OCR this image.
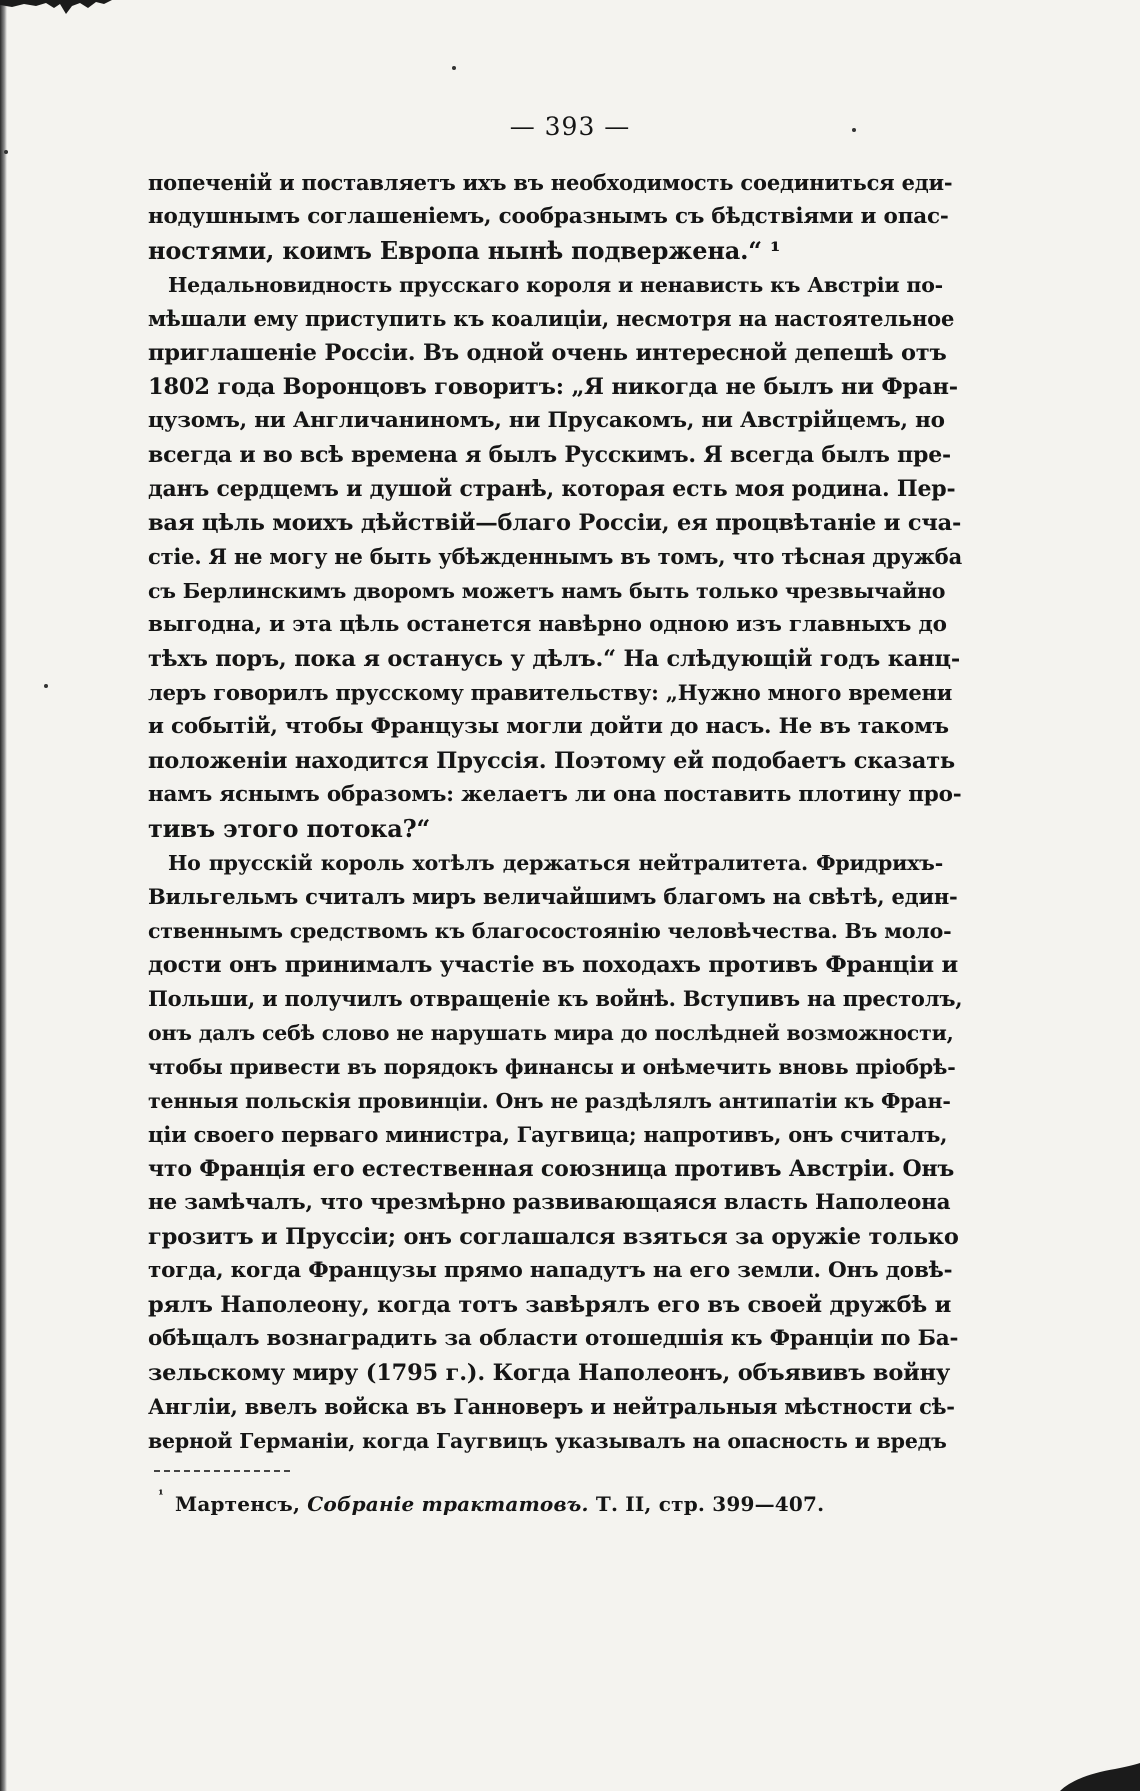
— 393 —
попеченій и поставляетъ ихъ въ необходимость соединиться еди-
нодушнымъ соглашеніемъ, сообразнымъ съ бѣдствіями и опас-
ностями, коимъ Европа нынѣ подвержена.“ ¹
Недальновидность прусскаго короля и ненависть къ Австріи по-
мѣшали ему приступить къ коалиціи, несмотря на настоятельное
приглашеніе Россіи. Въ одной очень интересной депешѣ отъ
1802 года Воронцовъ говоритъ: „Я никогда не былъ ни Фран-
цузомъ, ни Англичаниномъ, ни Прусакомъ, ни Австрійцемъ, но
всегда и во всѣ времена я былъ Русскимъ. Я всегда былъ пре-
данъ сердцемъ и душой странѣ, которая есть моя родина. Пер-
вая цѣль моихъ дѣйствій—благо Россіи, ея процвѣтаніе и сча-
стіе. Я не могу не быть убѣжденнымъ въ томъ, что тѣсная дружба
съ Берлинскимъ дворомъ можетъ намъ быть только чрезвычайно
выгодна, и эта цѣль останется навѣрно одною изъ главныхъ до
тѣхъ поръ, пока я останусь у дѣлъ.“ На слѣдующій годъ канц-
леръ говорилъ прусскому правительству: „Нужно много времени
и событій, чтобы Французы могли дойти до насъ. Не въ такомъ
положеніи находится Пруссія. Поэтому ей подобаетъ сказать
намъ яснымъ образомъ: желаетъ ли она поставить плотину про-
тивъ этого потока?“
Но прусскій король хотѣлъ держаться нейтралитета. Фридрихъ-
Вильгельмъ считалъ миръ величайшимъ благомъ на свѣтѣ, един-
ственнымъ средствомъ къ благосостоянію человѣчества. Въ моло-
дости онъ принималъ участіе въ походахъ противъ Франціи и
Польши, и получилъ отвращеніе къ войнѣ. Вступивъ на престолъ,
онъ далъ себѣ слово не нарушать мира до послѣдней возможности,
чтобы привести въ порядокъ финансы и онѣмечить вновь пріобрѣ-
тенныя польскія провинціи. Онъ не раздѣлялъ антипатіи къ Фран-
ціи своего перваго министра, Гаугвица; напротивъ, онъ считалъ,
что Франція его естественная союзница противъ Австріи. Онъ
не замѣчалъ, что чрезмѣрно развивающаяся власть Наполеона
грозитъ и Пруссіи; онъ соглашался взяться за оружіе только
тогда, когда Французы прямо нападутъ на его земли. Онъ довѣ-
рялъ Наполеону, когда тотъ завѣрялъ его въ своей дружбѣ и
обѣщалъ вознаградить за области отошедшія къ Франціи по Ба-
зельскому миру (1795 г.). Когда Наполеонъ, объявивъ войну
Англіи, ввелъ войска въ Ганноверъ и нейтральныя мѣстности сѣ-
верной Германіи, когда Гаугвицъ указывалъ на опасность и вредъ
¹ Мартенсъ, Собраніе трактатовъ. Т. II, стр. 399—407.
